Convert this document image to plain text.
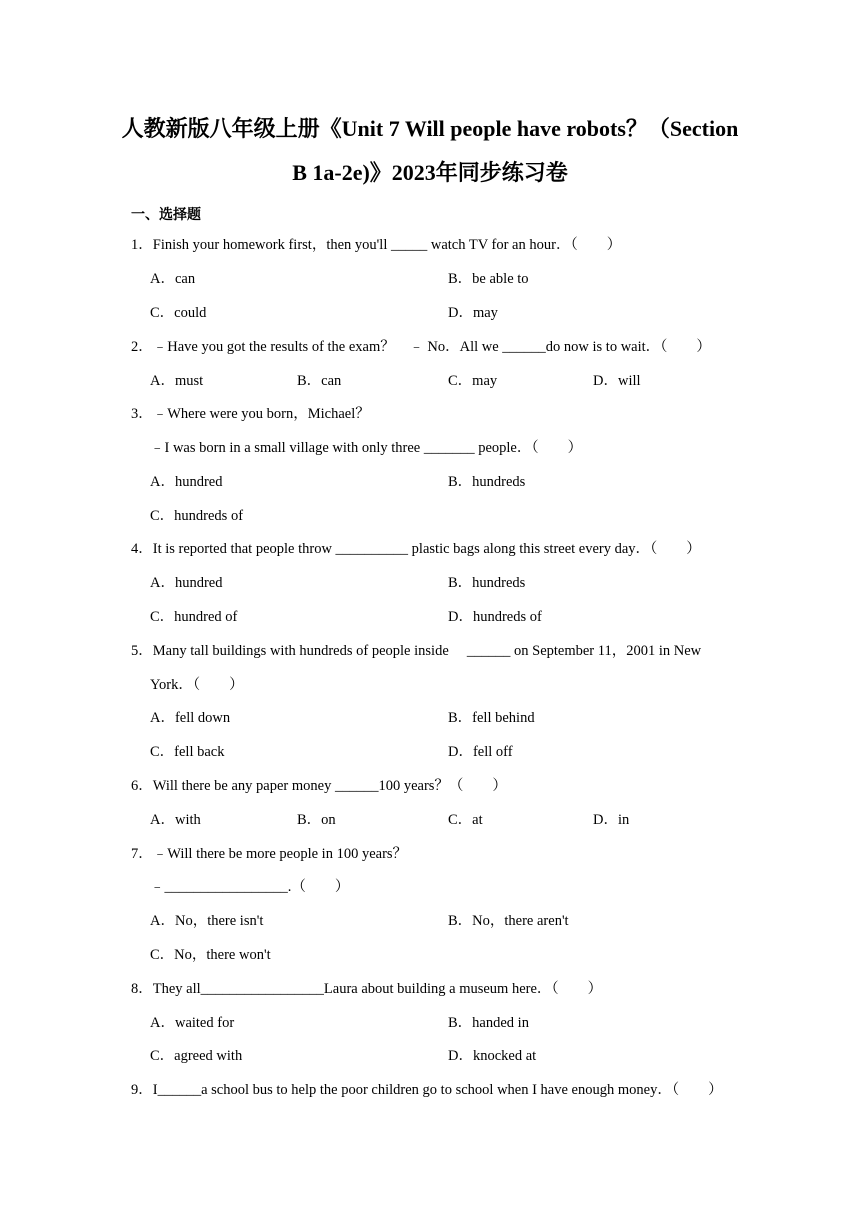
人教新版八年级上册《Unit 7 Will people have robots？（Section
B 1a-2e)》2023年同步练习卷
一、选择题
1．Finish your homework first，then you'll _____ watch TV for an hour．（　　）
A．can	B．be able to
C．could	D．may
2．﹣Have you got the results of the exam？　﹣ No．All we ______do now is to wait．（　　）
A．must	B．can	C．may	D．will
3．﹣Where were you born，Michael？
﹣I was born in a small village with only three _______ people．（　　）
A．hundred	B．hundreds
C．hundreds of
4．It is reported that people throw __________ plastic bags along this street every day．（　　）
A．hundred	B．hundreds
C．hundred of	D．hundreds of
5．Many tall buildings with hundreds of people inside　 ______ on September 11，2001 in New
York．（　　）
A．fell down	B．fell behind
C．fell back	D．fell off
6．Will there be any paper money ______100 years？（　　）
A．with	B．on	C．at	D．in
7．﹣Will there be more people in 100 years？
﹣_________________.（　　）
A．No，there isn't	B．No，there aren't
C．No，there won't
8．They all_________________Laura about building a museum here．（　　）
A．waited for	B．handed in
C．agreed with	D．knocked at
9．I______a school bus to help the poor children go to school when I have enough money．（　　）
